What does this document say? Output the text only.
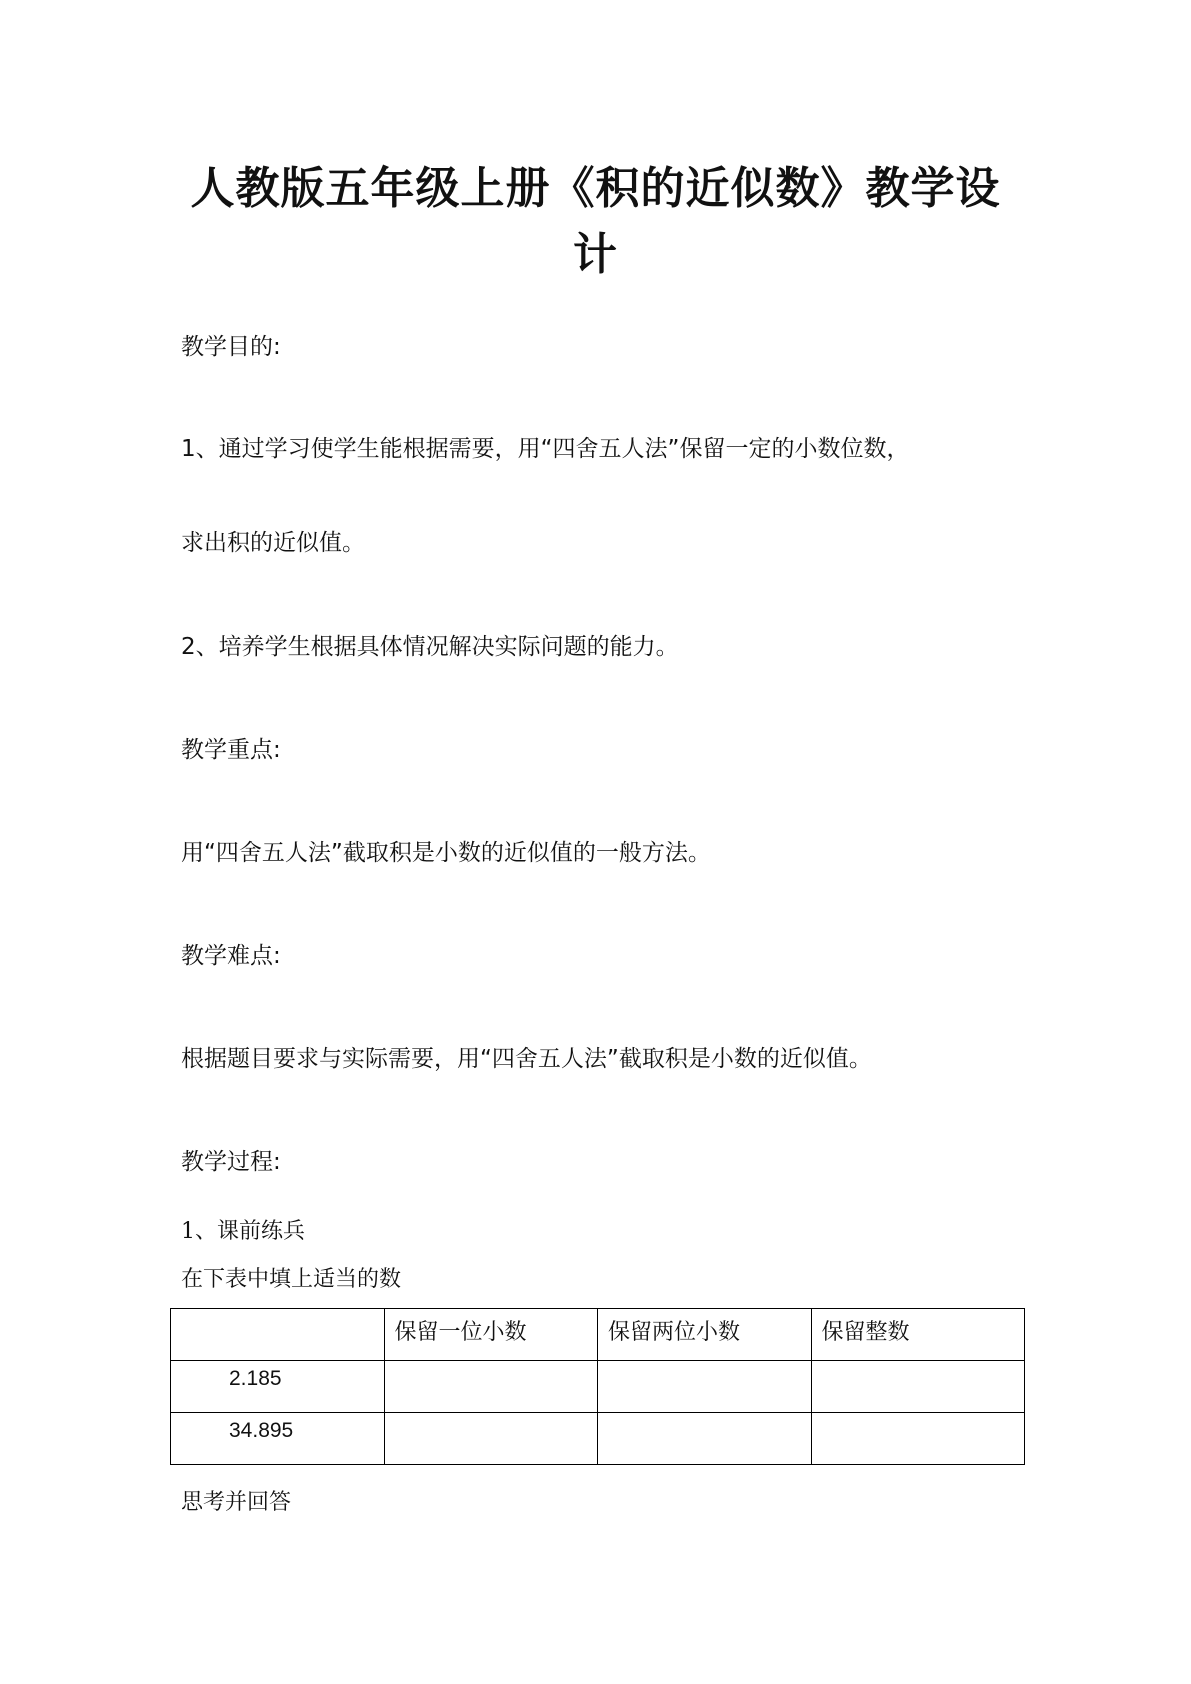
人教版五年级上册《积的近似数》教学设
计

教学目的:

1、通过学习使学生能根据需要，用“四舍五人法”保留一定的小数位数，

求出积的近似值。

2、培养学生根据具体情况解决实际问题的能力。

教学重点:

用“四舍五人法”截取积是小数的近似值的一般方法。

教学难点:

根据题目要求与实际需要，用“四舍五人法”截取积是小数的近似值。

教学过程:

1、课前练兵

在下表中填上适当的数

	保留一位小数	保留两位小数	保留整数
2.185			
34.895			

思考并回答
